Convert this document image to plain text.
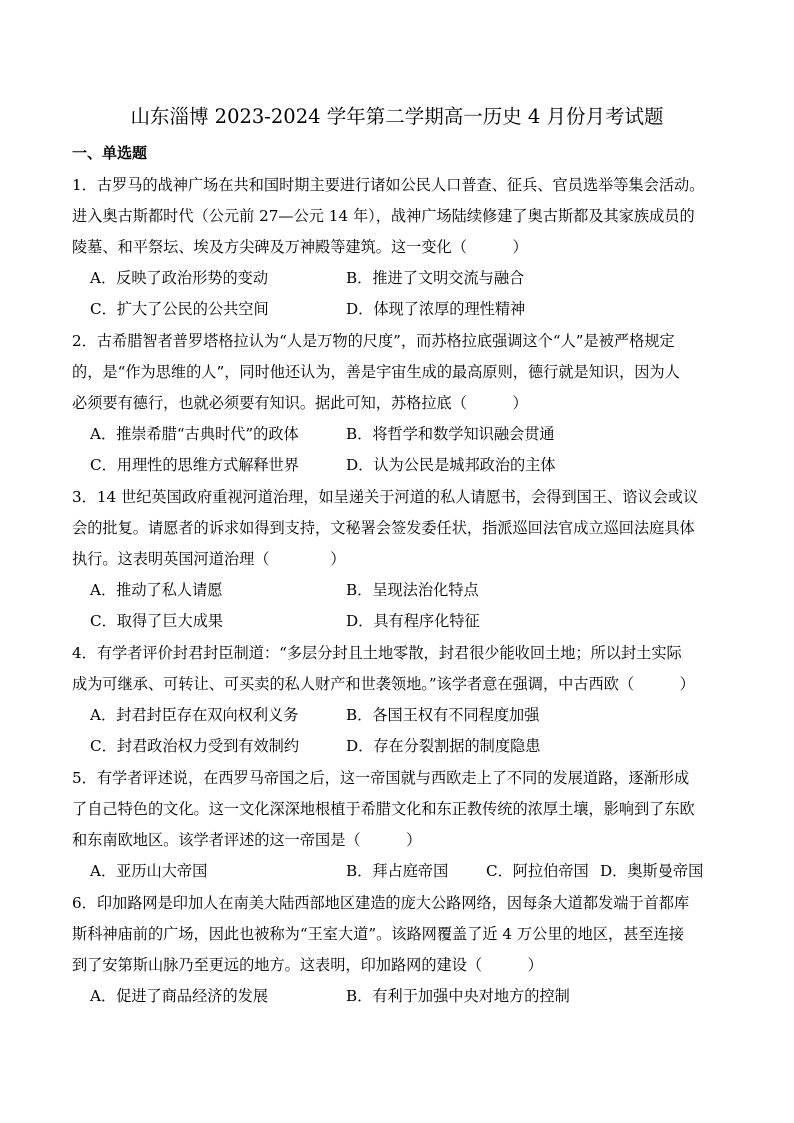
山东淄博 2023-2024 学年第二学期高一历史 4 月份月考试题
一、单选题
1．古罗马的战神广场在共和国时期主要进行诸如公民人口普查、征兵、官员选举等集会活动。
进入奥古斯都时代（公元前 27—公元 14 年），战神广场陆续修建了奥古斯都及其家族成员的
陵墓、和平祭坛、埃及方尖碑及万神殿等建筑。这一变化（　　　）
A．反映了政治形势的变动	B．推进了文明交流与融合
C．扩大了公民的公共空间	D．体现了浓厚的理性精神
2．古希腊智者普罗塔格拉认为“人是万物的尺度”，而苏格拉底强调这个“人”是被严格规定
的，是“作为思维的人”，同时他还认为，善是宇宙生成的最高原则，德行就是知识，因为人
必须要有德行，也就必须要有知识。据此可知，苏格拉底（　　　）
A．推崇希腊“古典时代”的政体	B．将哲学和数学知识融会贯通
C．用理性的思维方式解释世界	D．认为公民是城邦政治的主体
3．14 世纪英国政府重视河道治理，如呈递关于河道的私人请愿书，会得到国王、谘议会或议
会的批复。请愿者的诉求如得到支持，文秘署会签发委任状，指派巡回法官成立巡回法庭具体
执行。这表明英国河道治理（　　　　）
A．推动了私人请愿	B．呈现法治化特点
C．取得了巨大成果	D．具有程序化特征
4．有学者评价封君封臣制道：“多层分封且土地零散，封君很少能收回土地；所以封土实际
成为可继承、可转让、可买卖的私人财产和世袭领地。”该学者意在强调，中古西欧（　　　）
A．封君封臣存在双向权利义务	B．各国王权有不同程度加强
C．封君政治权力受到有效制约	D．存在分裂割据的制度隐患
5．有学者评述说，在西罗马帝国之后，这一帝国就与西欧走上了不同的发展道路，逐渐形成
了自己特色的文化。这一文化深深地根植于希腊文化和东正教传统的浓厚土壤，影响到了东欧
和东南欧地区。该学者评述的这一帝国是（　　　）
A．亚历山大帝国	B．拜占庭帝国 C．阿拉伯帝国 D．奥斯曼帝国
6．印加路网是印加人在南美大陆西部地区建造的庞大公路网络，因每条大道都发端于首都库
斯科神庙前的广场，因此也被称为“王室大道”。该路网覆盖了近 4 万公里的地区，甚至连接
到了安第斯山脉乃至更远的地方。这表明，印加路网的建设（　　　）
A．促进了商品经济的发展	B．有利于加强中央对地方的控制
